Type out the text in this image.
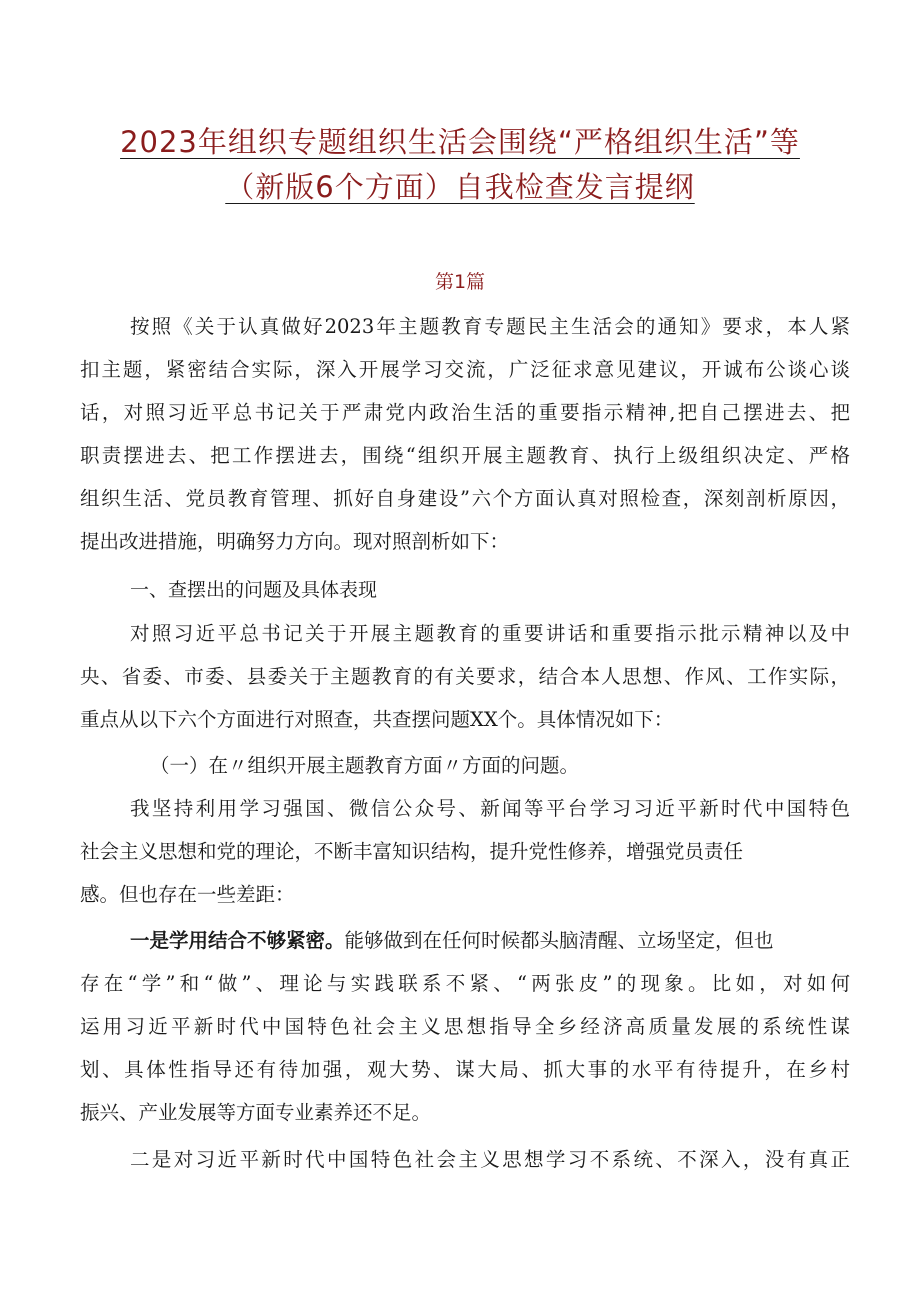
2023年组织专题组织生活会围绕“严格组织生活”等
（新版6个方面）自我检查发言提纲
第1篇
按照《关于认真做好2023年主题教育专题民主生活会的通知》要求，本人紧
扣主题，紧密结合实际，深入开展学习交流，广泛征求意见建议，开诚布公谈心谈
话，对照习近平总书记关于严肃党内政治生活的重要指示精神,把自己摆进去、把
职责摆进去、把工作摆进去，围绕“组织开展主题教育、执行上级组织决定、严格
组织生活、党员教育管理、抓好自身建设”六个方面认真对照检查，深刻剖析原因，
提出改进措施，明确努力方向。现对照剖析如下：
一、查摆出的问题及具体表现
对照习近平总书记关于开展主题教育的重要讲话和重要指示批示精神以及中
央、省委、市委、县委关于主题教育的有关要求，结合本人思想、作风、工作实际，
重点从以下六个方面进行对照查，共查摆问题XX个。具体情况如下：
（一）在〃组织开展主题教育方面〃方面的问题。
我坚持利用学习强国、微信公众号、新闻等平台学习习近平新时代中国特色
社会主义思想和党的理论，不断丰富知识结构，提升党性修养，增强党员责任
感。但也存在一些差距：
一是学用结合不够紧密。能够做到在任何时候都头脑清醒、立场坚定，但也
存在“学”和“做”、理论与实践联系不紧、“两张皮”的现象。比如，对如何
运用习近平新时代中国特色社会主义思想指导全乡经济高质量发展的系统性谋
划、具体性指导还有待加强，观大势、谋大局、抓大事的水平有待提升，在乡村
振兴、产业发展等方面专业素养还不足。
二是对习近平新时代中国特色社会主义思想学习不系统、不深入，没有真正
